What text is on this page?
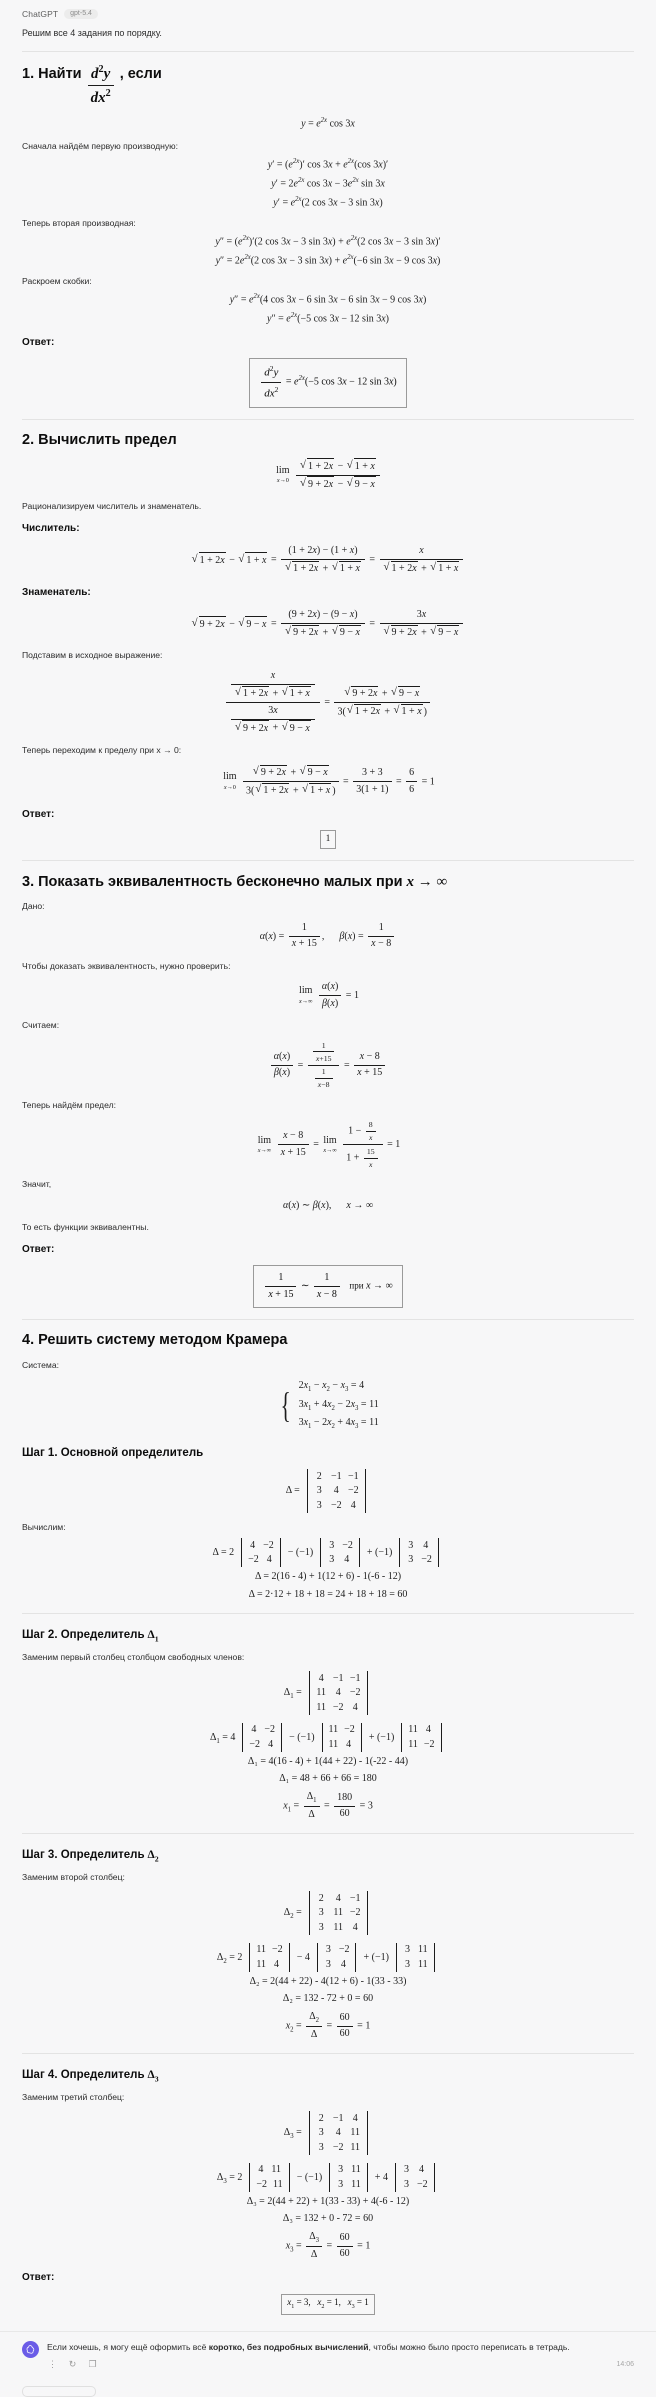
ChatGPT	gpt-5.4

Решим все 4 задания по порядку.

1. Найти $\frac{d^2y}{dx^2}$ , если
$y = e^{2x}$ cos 3x

Сначала найдём первую производную:

$y' = (e^{2x})'$ $\cos 3x + e^{2x}(\cos$ 3x)′
$y' = 2e^{2x}$ $\cos 3x - 3e^{2x}$ sin 3x
$y' = e^{2x}(2$ cos 3x − 3 sin 3x)

Теперь вторая производная:

$y'' = (e^{2x})'(2$ cos 3x − 3 $\sin 3x) + e^{2x}(2$ cos 3x − 3 sin 3x)′
$y'' = 2e^{2x}(2$ cos 3x − 3 $\sin 3x) + e^{2x}(-6$ sin 3x − 9 cos 3x)

Раскроем скобки:

$y'' = e^{2x}(4$ cos 3x − 6 sin 3x − 6 sin 3x − 9 cos 3x)
$y'' = e^{2x}(-5$ cos 3x − 12 sin 3x)
Ответ:
$\frac{d^2y}{dx^2} = e^{2x}(-5$ cos 3x − 12 sin 3x)
2. Вычислить предел
lim
x→0
√ 1 + 2x − √ 1 + x
√ 9 + 2x − √ 9 − x

Рационализируем числитель и знаменатель.

Числитель:
√ 1 + 2x − √ 1 + x = (1 + 2x) − (1 + x)
√ 1 + 2x + √ 1 + x = x
√ 1 + 2x + √ 1 + x
Знаменатель:
√ 9 + 2x − √ 9 − x = (9 + 2x) − (9 − x)
√ 9 + 2x + √ 9 − x = 3x
√ 9 + 2x + √ 9 − x

Подставим в исходное выражение:

x
√ 1 + 2x + √ 1 + x
3x
√ 9 + 2x + √ 9 − x
= √ $\frac{9 + 2x + √ 9 - x}{3( √ 1 + 2x + √ 1 + x )}$

Теперь переходим к пределу при x → 0:

lim
x→0
√ $\frac{9 + 2x + √ 9 - x}{3( √ 1 + 2x + √ 1 + x )} = \frac{3 + 3}{3(1 + 1)} = \frac{6}{6} = 1$
Ответ:
1
3. Показать эквивалентность бесконечно малых при x → ∞

Дано:

$\alpha(x) = \frac{1}{x + 15}$ ,      $\beta(x) = \frac{1}{x - 8}$

Чтобы доказать эквивалентность, нужно проверить:

lim
x→∞
$\frac{\alpha(x)}{\beta(x)} = 1$

Считаем:

$\frac{\alpha(x)}{\beta(x)} = \frac{\frac{1}{x+15}}{\frac{1}{x-8}} = \frac{x - 8}{x + 15}$

Теперь найдём предел:

lim
x→∞
$\frac{x - 8}{x + 15} = \lim$
x→∞
$\frac{1 - \frac{8}{x}}{1 + \frac{15}{x}} = 1$

Значит,

α(x) ∼ β(x),      x → ∞

То есть функции эквивалентны.

Ответ:
$\frac{1}{x + 15}$ ∼ $\frac{1}{x - 8}$ при x → ∞
4. Решить систему методом Крамера

Система:

{ $2x_1 - x_2 - x_3 = 4$
$3x_1 + 4x_2 - 2x_3 = 11$
$3x_1 - 2x_2 + 4x_3 = 11$
Шаг 1. Основной определитель
Δ =
2 −1 −1
3	4 −2
3 −2 4

Вычислим:

Δ = 2
4 −2
−2 4
− (−1)
3 −2
3	4
+ (−1)
3	4
3 −2
Δ = 2(16 - 4) + 1(12 + 6) - 1(-6 - 12)
Δ = 2·12 + 18 + 18 = 24 + 18 + 18 = 60
Шаг 2. Определитель $\Delta_1$

Заменим первый столбец столбцом свободных членов:

$\Delta_1$ =
4 −1 −1
11 4 −2
11 −2 4
$\Delta_1 = 4$
4 −2
−2 4
− (−1)
11 −2
11 4
+ (−1)
11 4
11 −2
Δ₁ = 4(16 - 4) + 1(44 + 22) - 1(-22 - 44)
Δ₁ = 48 + 66 + 66 = 180
$x_1 = \frac{\Delta_1}{\Delta} = \frac{180}{60} = 3$
Шаг 3. Определитель $\Delta_2$

Заменим второй столбец:

$\Delta_2$ =
2	4 −1
3 11 −2
3 11 4
$\Delta_2 = 2$
11 −2
11 4
− 4
3 −2
3	4
+ (−1)
3 11
3 11
Δ₂ = 2(44 + 22) - 4(12 + 6) - 1(33 - 33)
Δ₂ = 132 - 72 + 0 = 60
$x_2 = \frac{\Delta_2}{\Delta} = \frac{60}{60} = 1$
Шаг 4. Определитель $\Delta_3$

Заменим третий столбец:

$\Delta_3$ =
2 −1 4
3	4 11
3 −2 11
$\Delta_3 = 2$
4 11
−2 11
− (−1)
3 11
3 11
+ 4
3	4
3 −2
Δ₃ = 2(44 + 22) + 1(33 - 33) + 4(-6 - 12)
Δ₃ = 132 + 0 - 72 = 60
$x_3 = \frac{\Delta_3}{\Delta} = \frac{60}{60} = 1$
Ответ:
$x_1 = 3$,   $x_2 = 1$,   $x_3 = 1$
Если хочешь, я могу ещё оформить всё коротко, без подробных вычислений, чтобы можно было просто переписать в тетрадь.
⋮ ↻ ❐	14:06
